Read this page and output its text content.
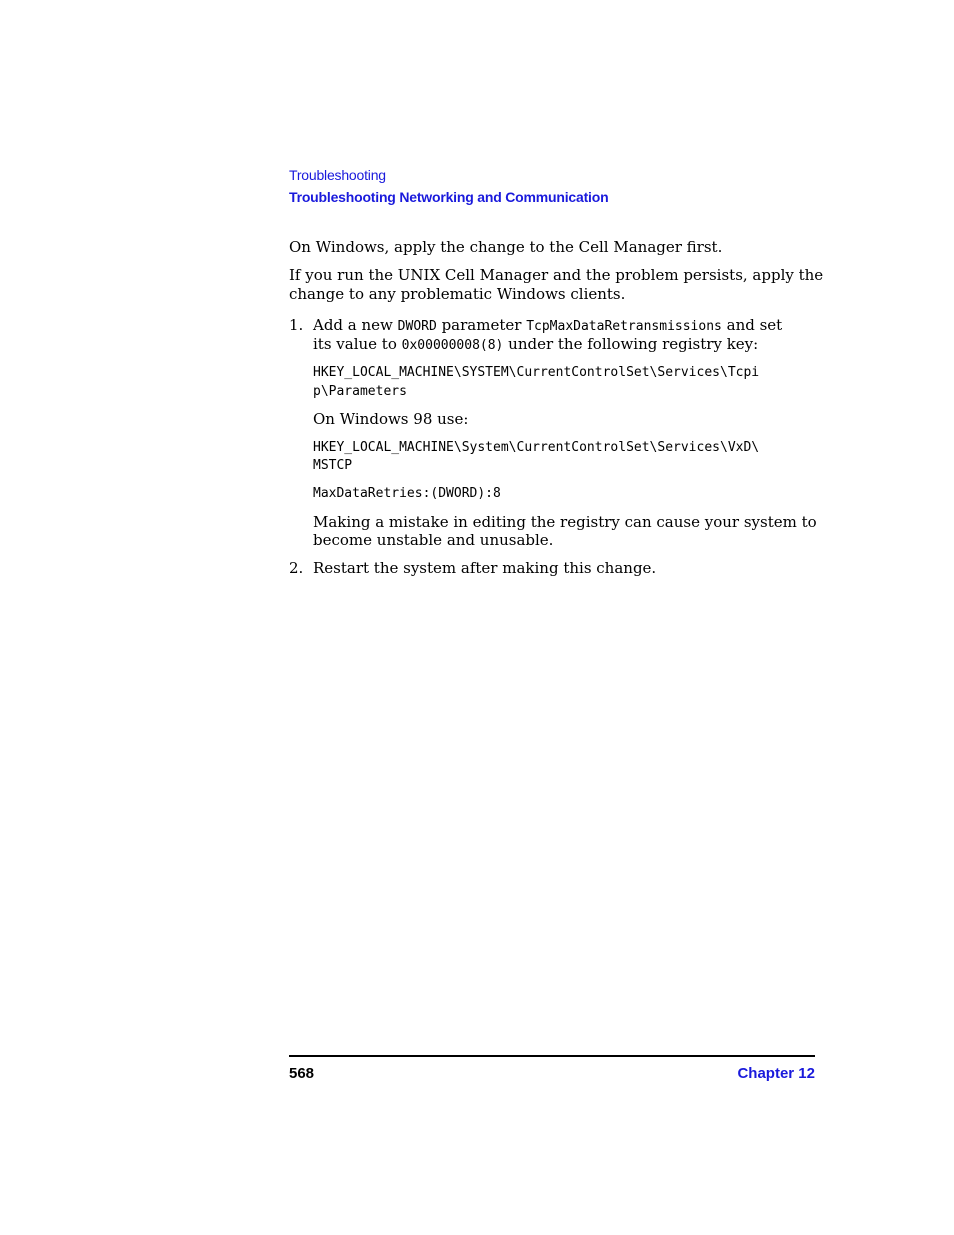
Troubleshooting
Troubleshooting Networking and Communication
On Windows, apply the change to the Cell Manager first.
If you run the UNIX Cell Manager and the problem persists, apply the
change to any problematic Windows clients.
1. Add a new DWORD parameter TcpMaxDataRetransmissions and set
its value to 0x00000008(8) under the following registry key:
HKEY_LOCAL_MACHINE\SYSTEM\CurrentControlSet\Services\Tcpi
p\Parameters
On Windows 98 use:
HKEY_LOCAL_MACHINE\System\CurrentControlSet\Services\VxD\
MSTCP
MaxDataRetries:(DWORD):8
Making a mistake in editing the registry can cause your system to
become unstable and unusable.
2. Restart the system after making this change.
568	Chapter 12
